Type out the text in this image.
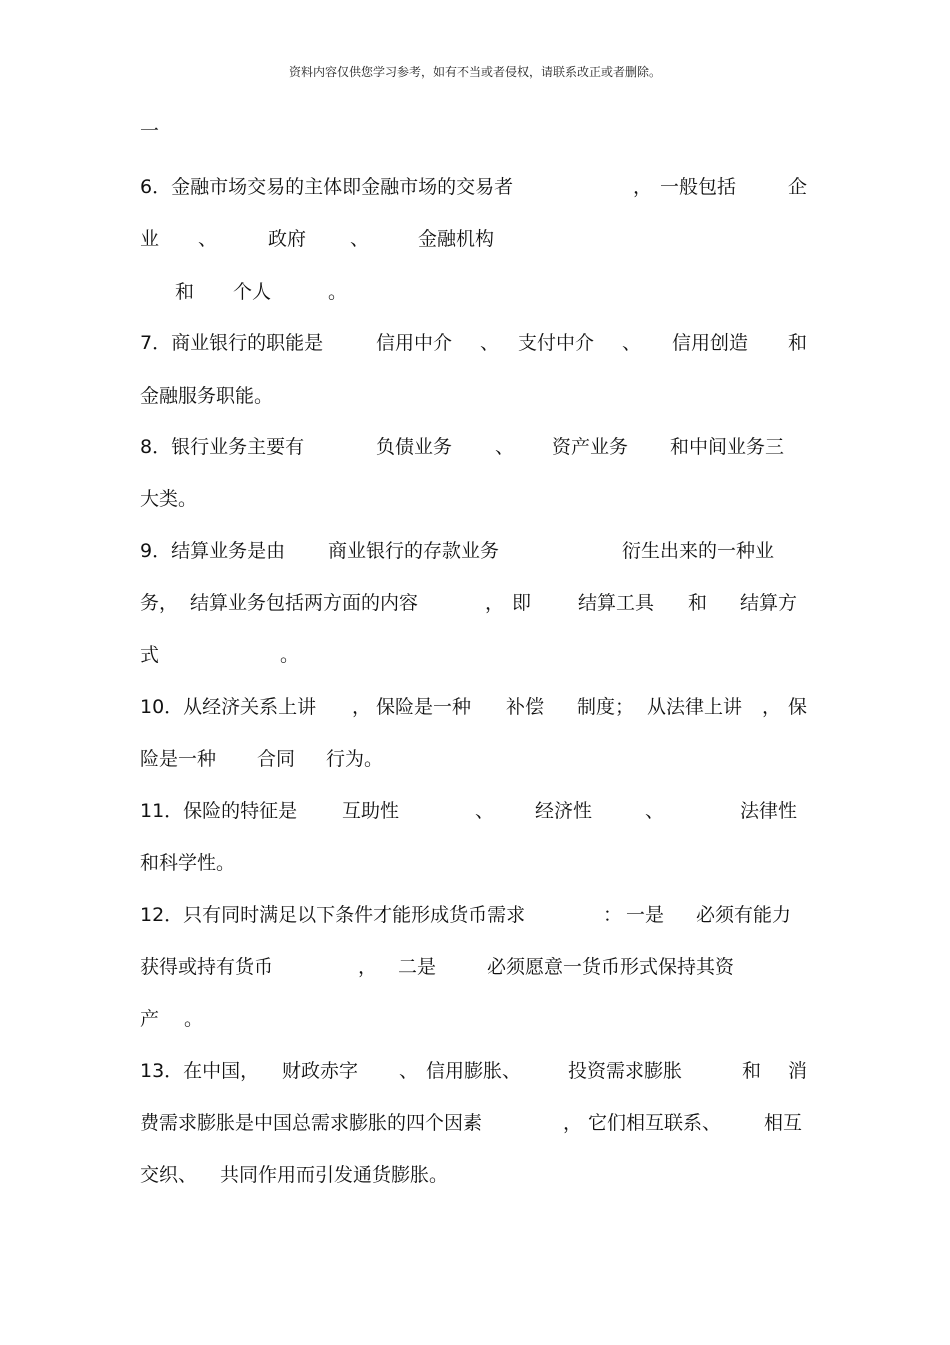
资料内容仅供您学习参考，如有不当或者侵权，请联系改正或者删除。
一
6．金融市场交易的主体即金融市场的交易者	， 一般包括	企
业 、	政府 、	金融机构
和 个人	。
7．商业银行的职能是	信用中介 、 支付中介 、 信用创造 和
金融服务职能。
8．银行业务主要有	负债业务 、 资产业务 和中间业务三
大类。
9．结算业务是由 商业银行的存款业务	衍生出来的一种业
务， 结算业务包括两方面的内容	， 即 结算工具 和 结算方
式	。
10．从经济关系上讲 ， 保险是一种 补偿 制度； 从法律上讲 ， 保
险是一种 合同 行为。
11．保险的特征是 互助性	、 经济性	、	法律性
和科学性。
12．只有同时满足以下条件才能形成货币需求	： 一是 必须有能力
获得或持有货币	， 二是	必须愿意一货币形式保持其资
产 。
13．在中国， 财政赤字 、 信用膨胀、 投资需求膨胀	和 消
费需求膨胀是中国总需求膨胀的四个因素	， 它们相互联系、 相互
交织、 共同作用而引发通货膨胀。
